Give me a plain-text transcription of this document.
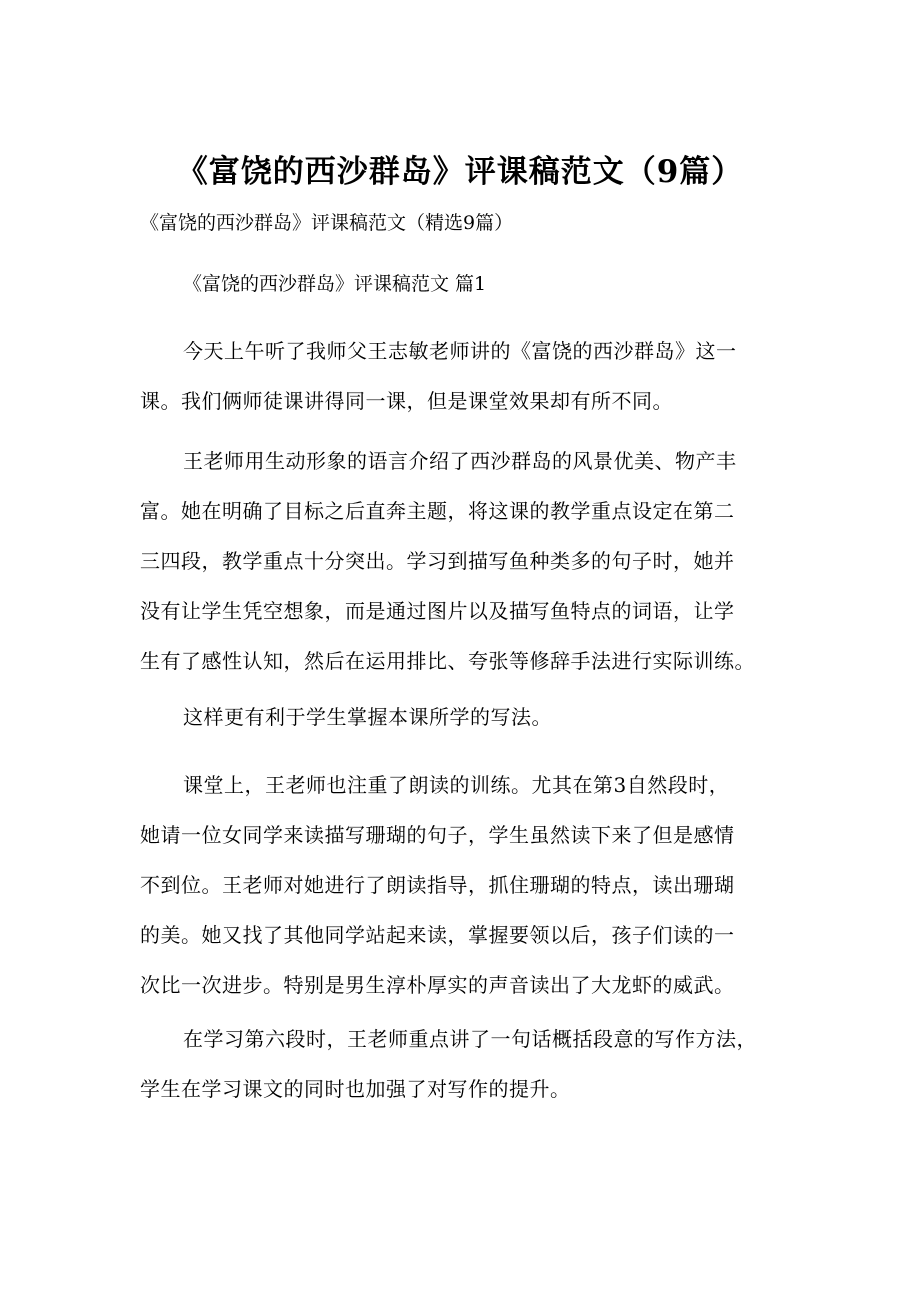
《富饶的西沙群岛》评课稿范文（9篇）
《富饶的西沙群岛》评课稿范文（精选9篇）
《富饶的西沙群岛》评课稿范文 篇1
今天上午听了我师父王志敏老师讲的《富饶的西沙群岛》这一
课。我们俩师徒课讲得同一课，但是课堂效果却有所不同。
王老师用生动形象的语言介绍了西沙群岛的风景优美、物产丰
富。她在明确了目标之后直奔主题，将这课的教学重点设定在第二
三四段，教学重点十分突出。学习到描写鱼种类多的句子时，她并
没有让学生凭空想象，而是通过图片以及描写鱼特点的词语，让学
生有了感性认知，然后在运用排比、夸张等修辞手法进行实际训练。
这样更有利于学生掌握本课所学的写法。
课堂上，王老师也注重了朗读的训练。尤其在第3自然段时，
她请一位女同学来读描写珊瑚的句子，学生虽然读下来了但是感情
不到位。王老师对她进行了朗读指导，抓住珊瑚的特点，读出珊瑚
的美。她又找了其他同学站起来读，掌握要领以后，孩子们读的一
次比一次进步。特别是男生淳朴厚实的声音读出了大龙虾的威武。
在学习第六段时，王老师重点讲了一句话概括段意的写作方法，
学生在学习课文的同时也加强了对写作的提升。
